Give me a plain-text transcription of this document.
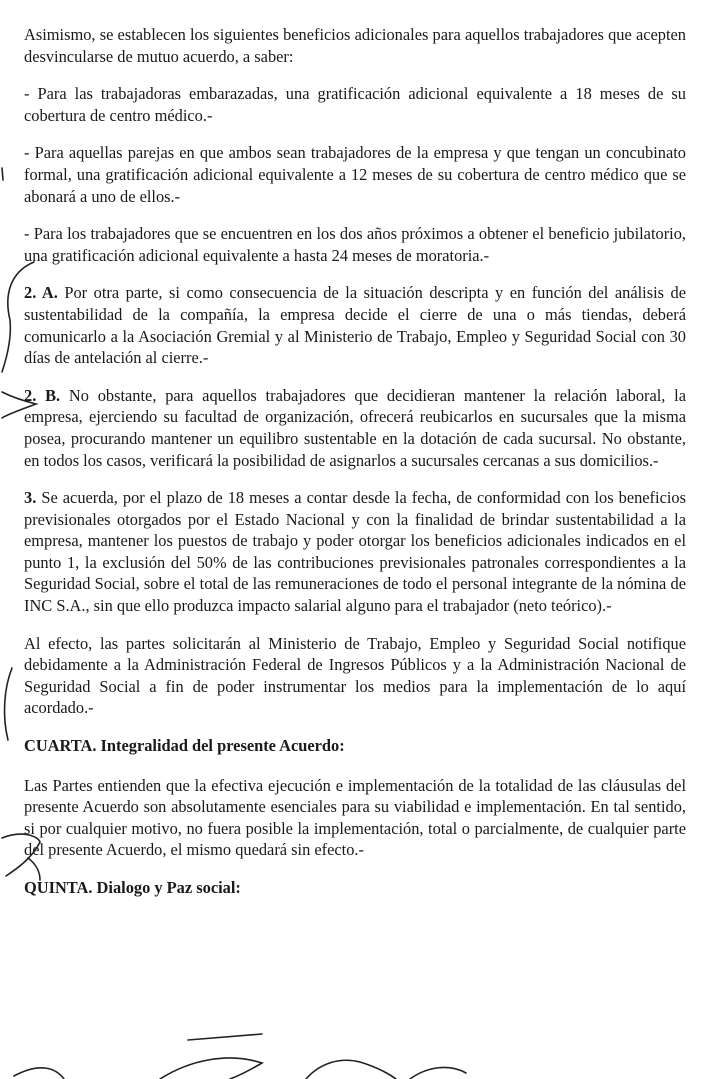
Asimismo, se establecen los siguientes beneficios adicionales para aquellos trabajadores que acepten desvincularse de mutuo acuerdo, a saber:

- Para las trabajadoras embarazadas, una gratificación adicional equivalente a 18 meses de su cobertura de centro médico.-

- Para aquellas parejas en que ambos sean trabajadores de la empresa y que tengan un concubinato formal, una gratificación adicional equivalente a 12 meses de su cobertura de centro médico que se abonará a uno de ellos.-

- Para los trabajadores que se encuentren en los dos años próximos a obtener el beneficio jubilatorio, una gratificación adicional equivalente a hasta 24 meses de moratoria.-

2. A. Por otra parte, si como consecuencia de la situación descripta y en función del análisis de sustentabilidad de la compañía, la empresa decide el cierre de una o más tiendas, deberá comunicarlo a la Asociación Gremial y al Ministerio de Trabajo, Empleo y Seguridad Social con 30 días de antelación al cierre.-

2. B. No obstante, para aquellos trabajadores que decidieran mantener la relación laboral, la empresa, ejerciendo su facultad de organización, ofrecerá reubicarlos en sucursales que la misma posea, procurando mantener un equilibro sustentable en la dotación de cada sucursal. No obstante, en todos los casos, verificará la posibilidad de asignarlos a sucursales cercanas a sus domicilios.-

3. Se acuerda, por el plazo de 18 meses a contar desde la fecha, de conformidad con los beneficios previsionales otorgados por el Estado Nacional y con la finalidad de brindar sustentabilidad a la empresa, mantener los puestos de trabajo y poder otorgar los beneficios adicionales indicados en el punto 1, la exclusión del 50% de las contribuciones previsionales patronales correspondientes a la Seguridad Social, sobre el total de las remuneraciones de todo el personal integrante de la nómina de INC S.A., sin que ello produzca impacto salarial alguno para el trabajador (neto teórico).-

Al efecto, las partes solicitarán al Ministerio de Trabajo, Empleo y Seguridad Social notifique debidamente a la Administración Federal de Ingresos Públicos y a la Administración Nacional de Seguridad Social a fin de poder instrumentar los medios para la implementación de lo aquí acordado.-

CUARTA. Integralidad del presente Acuerdo:

Las Partes entienden que la efectiva ejecución e implementación de la totalidad de las cláusulas del presente Acuerdo son absolutamente esenciales para su viabilidad e implementación. En tal sentido, si por cualquier motivo, no fuera posible la implementación, total o parcialmente, de cualquier parte del presente Acuerdo, el mismo quedará sin efecto.-

QUINTA. Dialogo y Paz social:
